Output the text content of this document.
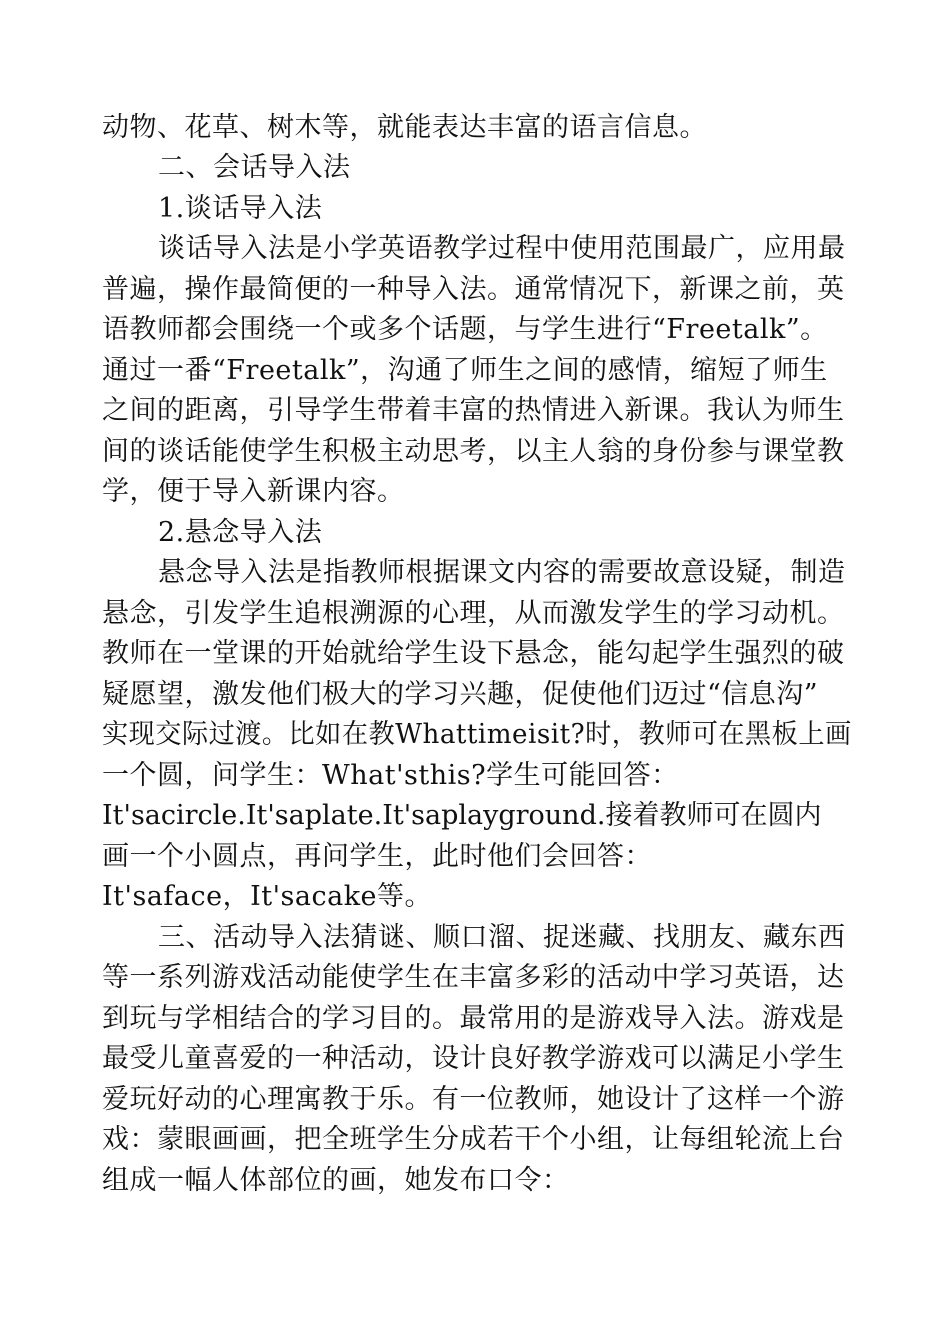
动物、花草、树木等，就能表达丰富的语言信息。
二、会话导入法
1.谈话导入法
谈话导入法是小学英语教学过程中使用范围最广，应用最
普遍，操作最简便的一种导入法。通常情况下，新课之前，英
语教师都会围绕一个或多个话题，与学生进行“Freetalk”。
通过一番“Freetalk”，沟通了师生之间的感情，缩短了师生
之间的距离，引导学生带着丰富的热情进入新课。我认为师生
间的谈话能使学生积极主动思考，以主人翁的身份参与课堂教
学，便于导入新课内容。
2.悬念导入法
悬念导入法是指教师根据课文内容的需要故意设疑，制造
悬念，引发学生追根溯源的心理，从而激发学生的学习动机。
教师在一堂课的开始就给学生设下悬念，能勾起学生强烈的破
疑愿望，激发他们极大的学习兴趣，促使他们迈过“信息沟”
实现交际过渡。比如在教Whattimeisit?时，教师可在黑板上画
一个圆，问学生：What'sthis?学生可能回答：
It'sacircle.It'saplate.It'saplayground.接着教师可在圆内
画一个小圆点，再问学生，此时他们会回答：
It'saface，It'sacake等。
三、活动导入法猜谜、顺口溜、捉迷藏、找朋友、藏东西
等一系列游戏活动能使学生在丰富多彩的活动中学习英语，达
到玩与学相结合的学习目的。最常用的是游戏导入法。游戏是
最受儿童喜爱的一种活动，设计良好教学游戏可以满足小学生
爱玩好动的心理寓教于乐。有一位教师，她设计了这样一个游
戏：蒙眼画画，把全班学生分成若干个小组，让每组轮流上台
组成一幅人体部位的画，她发布口令：
